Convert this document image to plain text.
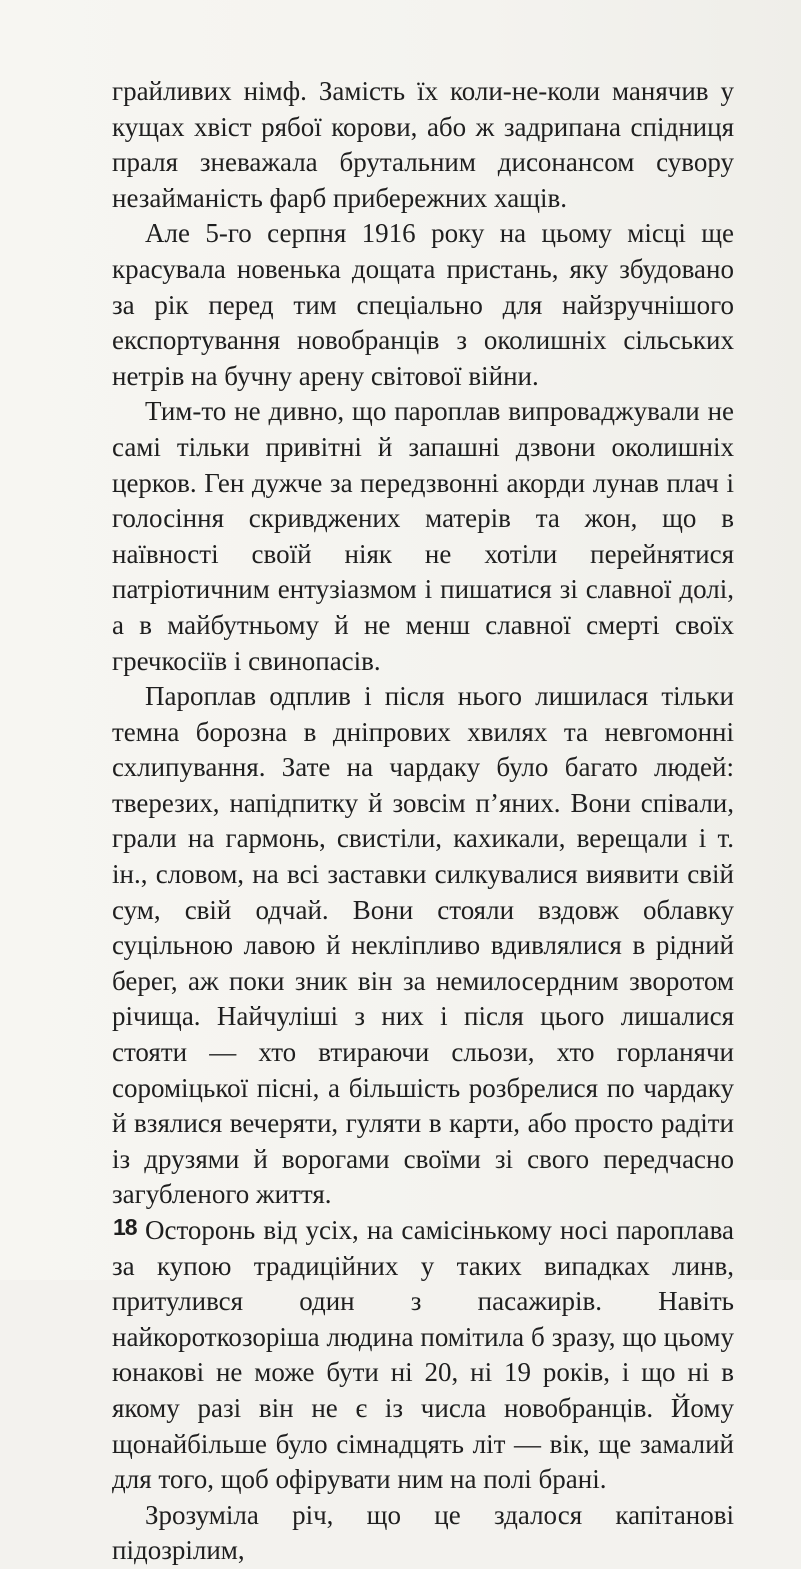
грайливих німф. Замість їх коли-не-коли манячив у кущах хвіст рябої корови, або ж задрипана спідниця праля зневажала брутальним дисонансом сувору незайманість фарб прибережних хащів.

Але 5-го серпня 1916 року на цьому місці ще красувала новенька дощата пристань, яку збудовано за рік перед тим спеціально для найзручнішого експортування новобранців з околишніх сільських нетрів на бучну арену світової війни.

Тим-то не дивно, що пароплав випроваджували не самі тільки привітні й запашні дзвони околишніх церков. Ген дужче за передзвонні акорди лунав плач і голосіння скривджених матерів та жон, що в наївності своїй ніяк не хотіли перейнятися патріотичним ентузіазмом і пишатися зі славної долі, а в майбутньому й не менш славної смерті своїх гречкосіїв і свинопасів.

Пароплав одплив і після нього лишилася тільки темна борозна в дніпрових хвилях та невгомонні схлипування. Зате на чардаку було багато людей: тверезих, напідпитку й зовсім п’яних. Вони співали, грали на гармонь, свистіли, кахикали, верещали і т. ін., словом, на всі заставки силкувалися виявити свій сум, свій одчай. Вони стояли вздовж облавку суцільною лавою й некліпливо вдивлялися в рідний берег, аж поки зник він за немилосердним зворотом річища. Найчуліші з них і після цього лишалися стояти — хто втираючи сльози, хто горланячи сороміцької пісні, а більшість розбрелися по чардаку й взялися вечеряти, гуляти в карти, або просто радіти із друзями й ворогами своїми зі свого передчасно загубленого життя.

Осторонь від усіх, на самісінькому носі пароплава за купою традиційних у таких випадках линв, притулився один з пасажирів. Навіть найкороткозоріша людина помітила б зразу, що цьому юнакові не може бути ні 20, ні 19 років, і що ні в якому разі він не є із числа новобранців. Йому щонайбільше було сімнадцять літ — вік, ще замалий для того, щоб офірувати ним на полі брані.

Зрозуміла річ, що це здалося капітанові підозрілим,

18
